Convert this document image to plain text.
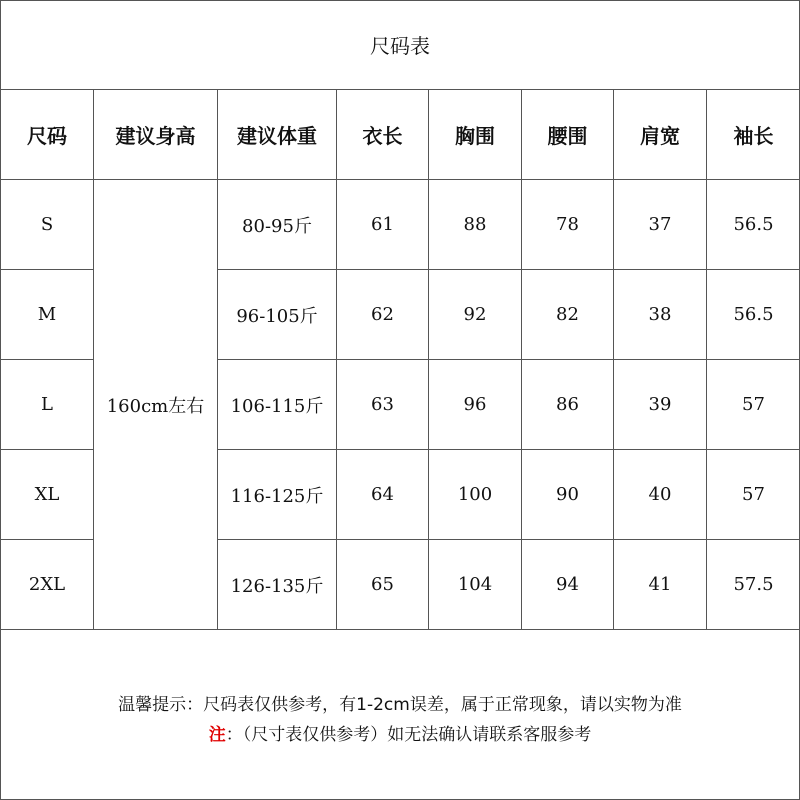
尺码表
尺码	建议身高	建议体重	衣长	胸围	腰围	肩宽	袖长
S	160cm左右	80-95斤	61	88	78	37	56.5
M		96-105斤	62	92	82	38	56.5
L		106-115斤	63	96	86	39	57
XL		116-125斤	64	100	90	40	57
2XL		126-135斤	65	104	94	41	57.5
温馨提示：尺码表仅供参考，有1-2cm误差，属于正常现象，请以实物为准
注：（尺寸表仅供参考）如无法确认请联系客服参考
